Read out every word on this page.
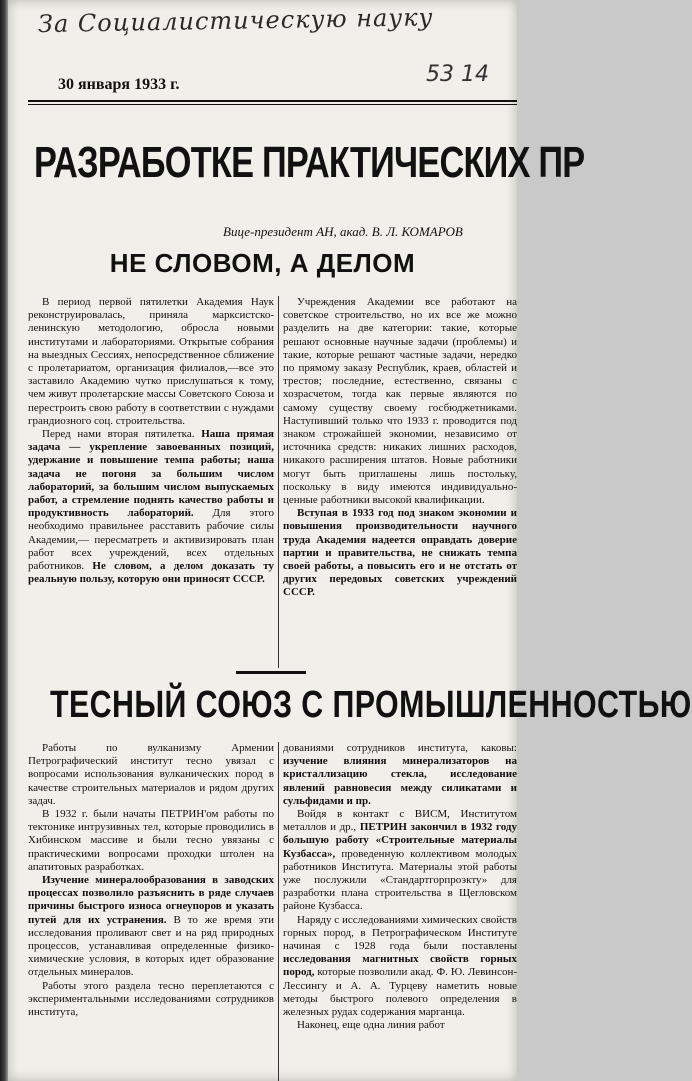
За Социалистическую науку
53 14
30 января 1933 г.
РАЗРАБОТКЕ ПРАКТИЧЕСКИХ ПР
Вице-президент АН, акад. В. Л. КОМАРОВ
НЕ СЛОВОМ, А ДЕЛОМ

В период первой пятилетки Академия Наук реконструировалась, приняла марксистско-ленинскую методологию, обросла новыми институтами и лабораториями. Открытые собрания на выездных Сессиях, непосредственное сближение с пролетариатом, организация филиалов,—все это заставило Академию чутко прислушаться к тому, чем живут пролетарские массы Советского Союза и перестроить свою работу в соответствии с нуждами грандиозного соц. строительства.

Перед нами вторая пятилетка. Наша прямая задача — укрепление завоеванных позиций, удержание и повышение темпа работы; наша задача не погоня за большим числом лабораторий, за большим числом выпускаемых работ, а стремление поднять качество работы и продуктивность лабораторий. Для этого необходимо правильнее расставить рабочие силы Академии,— пересматреть и активизировать план работ всех учреждений, всех отдельных работников. Не словом, а делом доказать ту реальную пользу, которую они приносят СССР.

Учреждения Академии все работают на советское строительство, но их все же можно разделить на две категории: такие, которые решают основные научные задачи (проблемы) и такие, которые решают частные задачи, нередко по прямому заказу Республик, краев, областей и трестов; последние, естественно, связаны с хозрасчетом, тогда как первые являются по самому существу своему госбюджетниками. Наступивший только что 1933 г. проводится под знаком строжайшей экономии, независимо от источника средств: никаких лишних расходов, никакого расширения штатов. Новые работники могут быть приглашены лишь постольку, поскольку в виду имеются индивидуально-ценные работники высокой квалификации.

Вступая в 1933 год под знаком экономии и повышения производительности научного труда Академия надеется оправдать доверие партии и правительства, не снижать темпа своей работы, а повысить его и не отстать от других передовых советских учреждений СССР.

ТЕСНЫЙ СОЮЗ С ПРОМЫШЛЕННОСТЬЮ

Работы по вулканизму Армении Петрографический институт тесно увязал с вопросами использования вулканических пород в качестве строительных материалов и рядом других задач.

В 1932 г. были начаты ПЕТРИН'ом работы по тектонике интрузивных тел, которые проводились в Хибинском массиве и были тесно увязаны с практическими вопросами проходки штолен на апатитовых разработках.

Изучение минералообразования в заводских процессах позволило разъяснить в ряде случаев причины быстрого износа огнеупоров и указать путей для их устранения. В то же время эти исследования проливают свет и на ряд природных процессов, устанавливая определенные физико-химические условия, в которых идет образование отдельных минералов.

Работы этого раздела тесно переплетаются с экспериментальными исследованиями сотрудников института,

дованиями сотрудников института, каковы: изучение влияния минерализаторов на кристаллизацию стекла, исследование явлений равновесия между силикатами и сульфидами и пр.

Войдя в контакт с ВИСМ, Институтом металлов и др., ПЕТРИН закончил в 1932 году большую работу «Строительные материалы Кузбасса», проведенную коллективом молодых работников Института. Материалы этой работы уже послужили «Стандартгорпроэкту» для разработки плана строительства в Щегловском районе Кузбасса.

Наряду с исследованиями химических свойств горных пород, в Петрографическом Институте начиная с 1928 года были поставлены исследования магнитных свойств горных пород, которые позволили акад. Ф. Ю. Левинсон-Лессингу и А. А. Турцеву наметить новые методы быстрого полевого определения в железных рудах содержания марганца.

Наконец, еще одна линия работ
